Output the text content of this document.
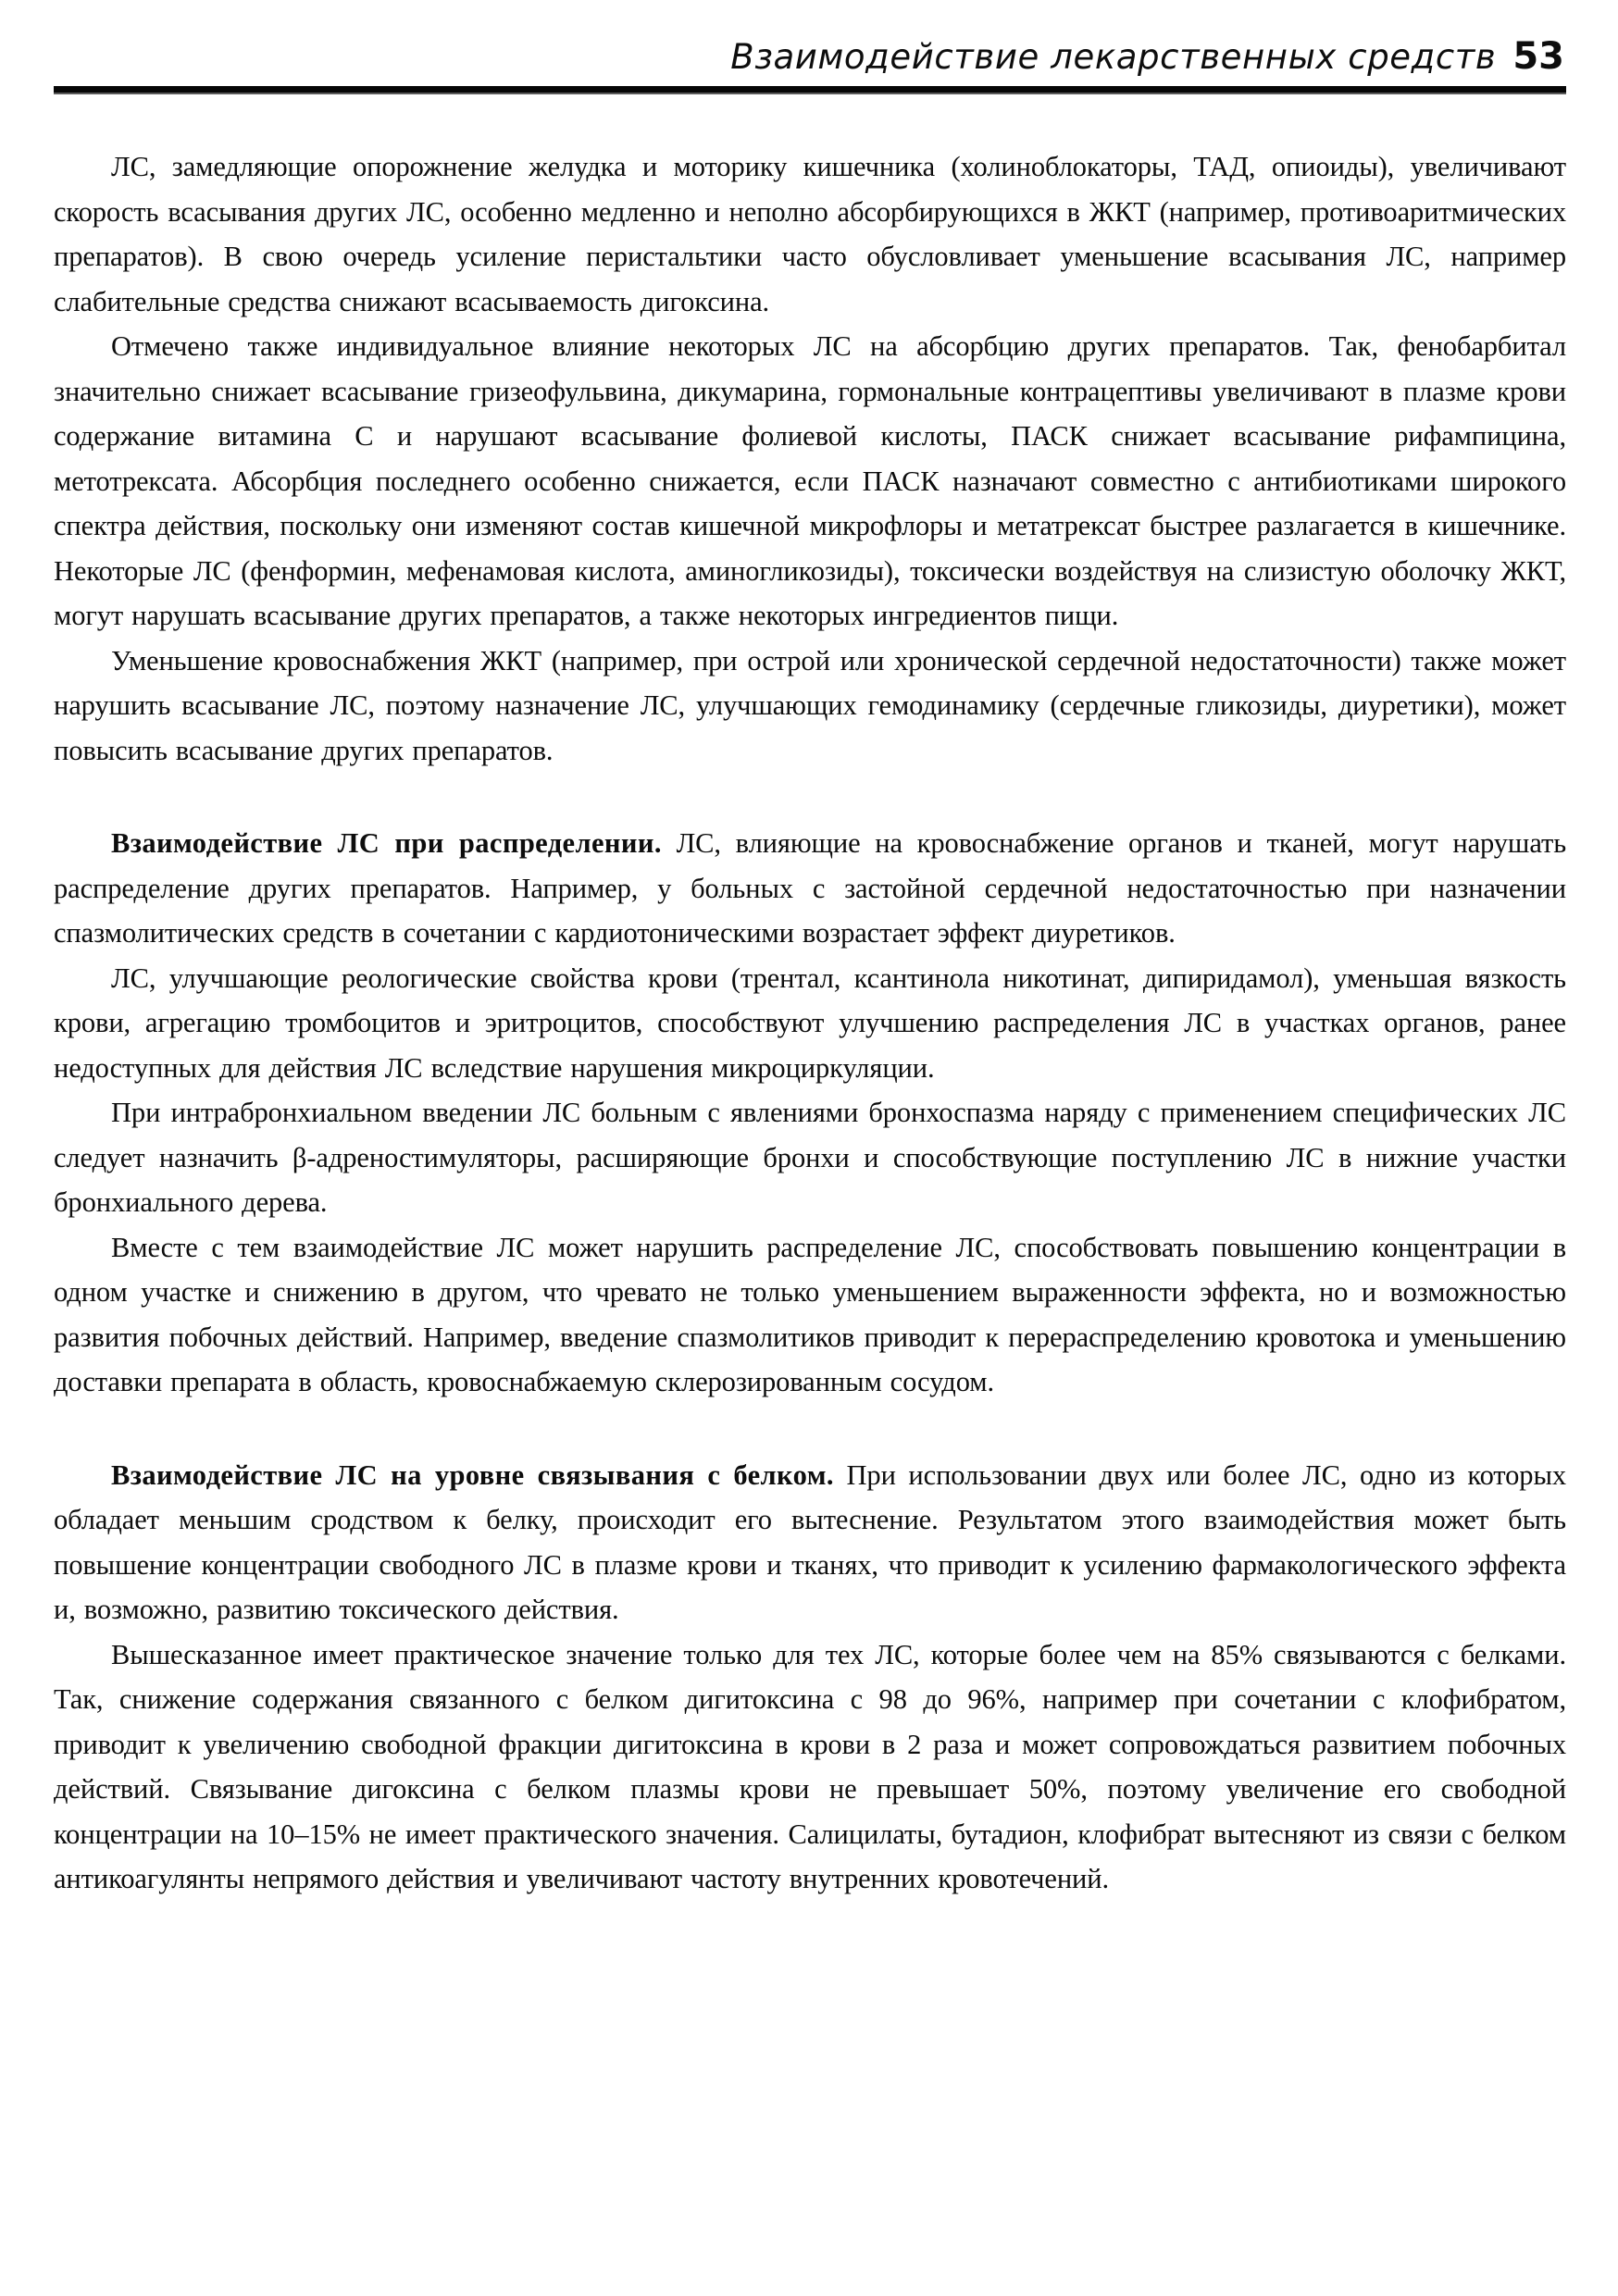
Взаимодействие лекарственных средств 53

ЛС, замедляющие опорожнение желудка и моторику кишечника (холиноблокаторы, ТАД, опиоиды), увеличивают скорость всасывания других ЛС, особенно медленно и неполно абсорбирующихся в ЖКТ (например, противоаритмических препаратов). В свою очередь усиление перистальтики часто обусловливает уменьшение всасывания ЛС, например слабительные средства снижают всасываемость дигоксина.

Отмечено также индивидуальное влияние некоторых ЛС на абсорбцию других препаратов. Так, фенобарбитал значительно снижает всасывание гризеофульвина, дикумарина, гормональные контрацептивы увеличивают в плазме крови содержание витамина С и нарушают всасывание фолиевой кислоты, ПАСК снижает всасывание рифампицина, метотрексата. Абсорбция последнего особенно снижается, если ПАСК назначают совместно с антибиотиками широкого спектра действия, поскольку они изменяют состав кишечной микрофлоры и метатрексат быстрее разлагается в кишечнике. Некоторые ЛС (фенформин, мефенамовая кислота, аминогликозиды), токсически воздействуя на слизистую оболочку ЖКТ, могут нарушать всасывание других препаратов, а также некоторых ингредиентов пищи.

Уменьшение кровоснабжения ЖКТ (например, при острой или хронической сердечной недостаточности) также может нарушить всасывание ЛС, поэтому назначение ЛС, улучшающих гемодинамику (сердечные гликозиды, диуретики), может повысить всасывание других препаратов.

Взаимодействие ЛС при распределении. ЛС, влияющие на кровоснабжение органов и тканей, могут нарушать распределение других препаратов. Например, у больных с застойной сердечной недостаточностью при назначении спазмолитических средств в сочетании с кардиотоническими возрастает эффект диуретиков.

ЛС, улучшающие реологические свойства крови (трентал, ксантинола никотинат, дипиридамол), уменьшая вязкость крови, агрегацию тромбоцитов и эритроцитов, способствуют улучшению распределения ЛС в участках органов, ранее недоступных для действия ЛС вследствие нарушения микроциркуляции.

При интрабронхиальном введении ЛС больным с явлениями бронхоспазма наряду с применением специфических ЛС следует назначить β-адреностимуляторы, расширяющие бронхи и способствующие поступлению ЛС в нижние участки бронхиального дерева.

Вместе с тем взаимодействие ЛС может нарушить распределение ЛС, способствовать повышению концентрации в одном участке и снижению в другом, что чревато не только уменьшением выраженности эффекта, но и возможностью развития побочных действий. Например, введение спазмолитиков приводит к перераспределению кровотока и уменьшению доставки препарата в область, кровоснабжаемую склерозированным сосудом.

Взаимодействие ЛС на уровне связывания с белком. При использовании двух или более ЛС, одно из которых обладает меньшим сродством к белку, происходит его вытеснение. Результатом этого взаимодействия может быть повышение концентрации свободного ЛС в плазме крови и тканях, что приводит к усилению фармакологического эффекта и, возможно, развитию токсического действия.

Вышесказанное имеет практическое значение только для тех ЛС, которые более чем на 85% связываются с белками. Так, снижение содержания связанного с белком дигитоксина с 98 до 96%, например при сочетании с клофибратом, приводит к увеличению свободной фракции дигитоксина в крови в 2 раза и может сопровождаться развитием побочных действий. Связывание дигоксина с белком плазмы крови не превышает 50%, поэтому увеличение его свободной концентрации на 10–15% не имеет практического значения. Салицилаты, бутадион, клофибрат вытесняют из связи с белком антикоагулянты непрямого действия и увеличивают частоту внутренних кровотечений.
